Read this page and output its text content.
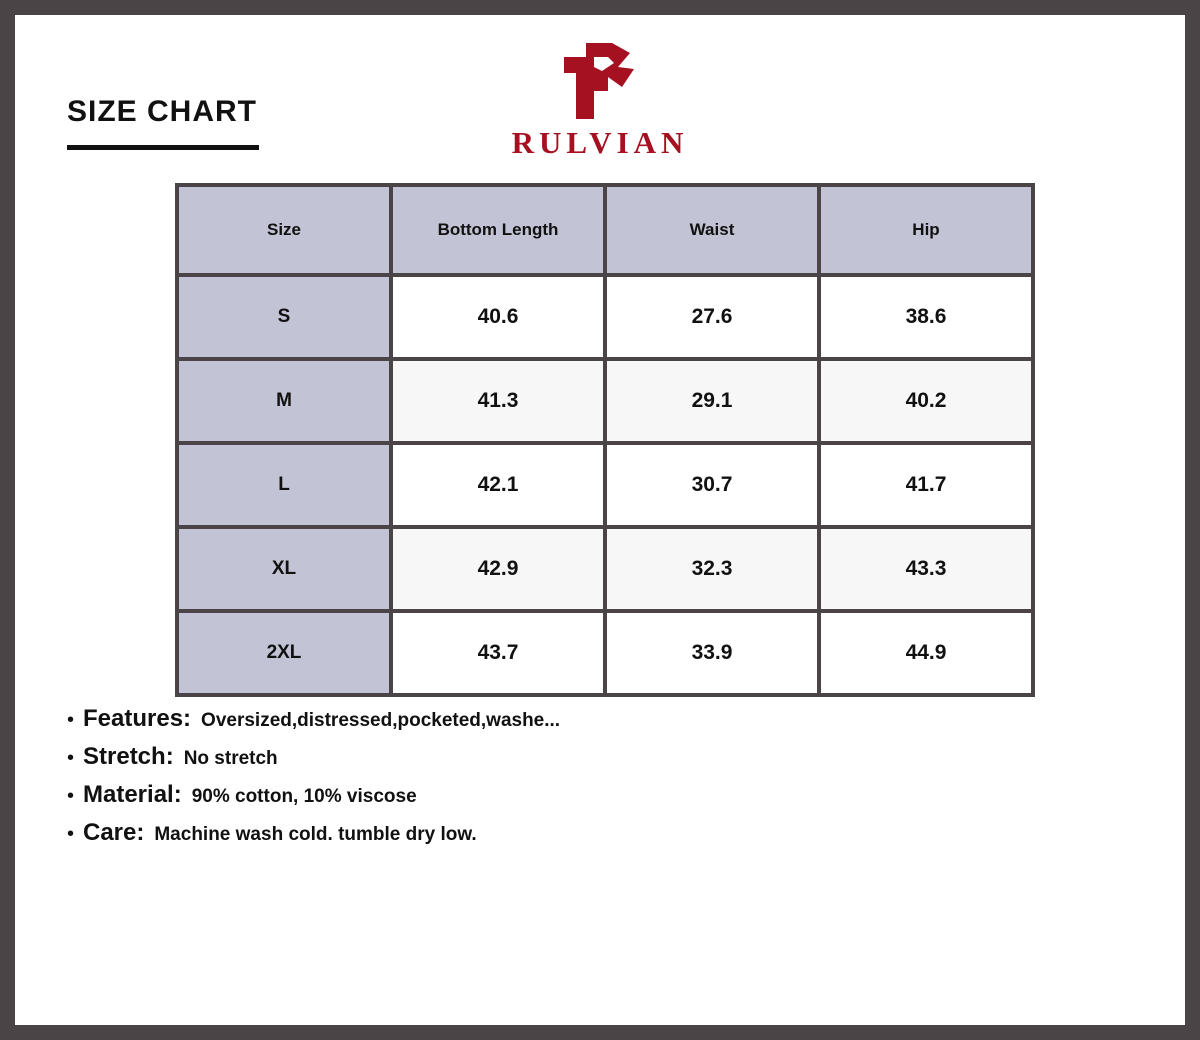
SIZE CHART
RULVIAN
Size	Bottom Length	Waist	Hip
S	40.6	27.6	38.6
M	41.3	29.1	40.2
L	42.1	30.7	41.7
XL	42.9	32.3	43.3
2XL	43.7	33.9	44.9
• Features: Oversized,distressed,pocketed,washe...
• Stretch: No stretch
• Material: 90% cotton, 10% viscose
• Care: Machine wash cold. tumble dry low.
